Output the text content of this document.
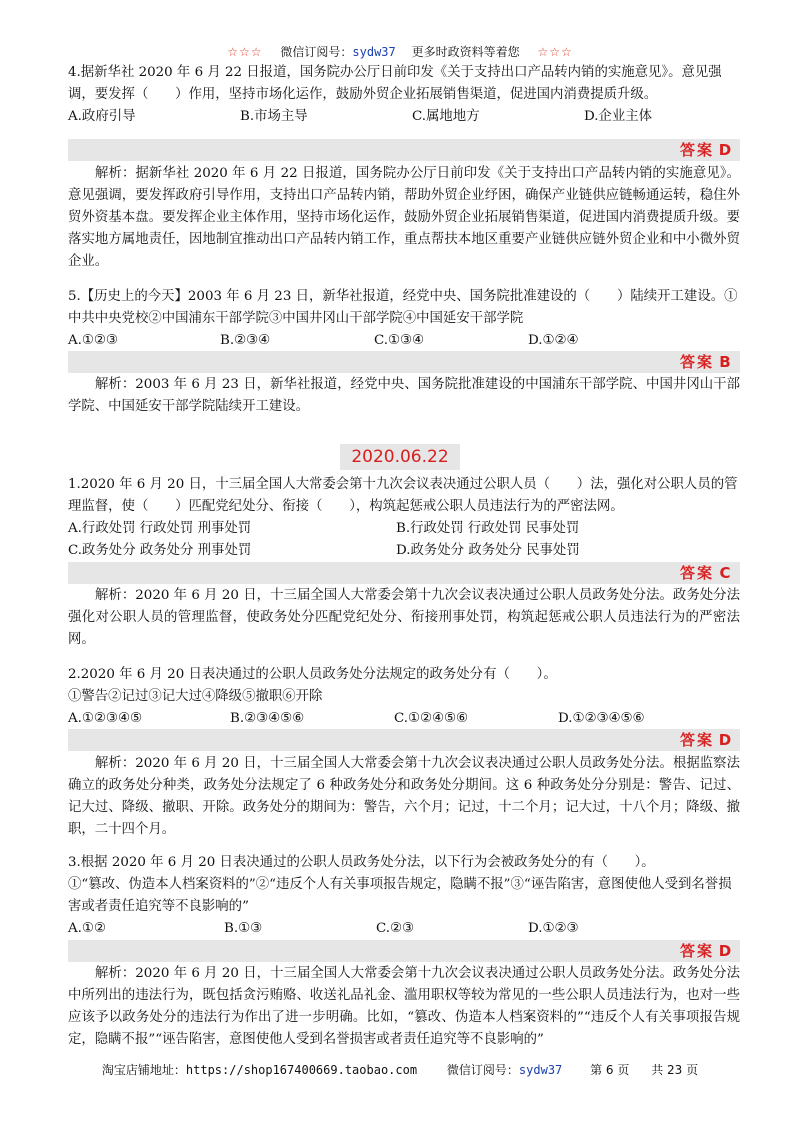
☆☆☆ 微信订阅号：sydw37 更多时政资料等着您 ☆☆☆

4.据新华社 2020 年 6 月 22 日报道，国务院办公厅日前印发《关于支持出口产品转内销的实施意见》。意见强调，要发挥（　　）作用，坚持市场化运作，鼓励外贸企业拓展销售渠道，促进国内消费提质升级。

A.政府引导	B.市场主导	C.属地地方	D.企业主体
答案 D

解析：据新华社 2020 年 6 月 22 日报道，国务院办公厅日前印发《关于支持出口产品转内销的实施意见》。意见强调，要发挥政府引导作用，支持出口产品转内销，帮助外贸企业纾困，确保产业链供应链畅通运转，稳住外贸外资基本盘。要发挥企业主体作用，坚持市场化运作，鼓励外贸企业拓展销售渠道，促进国内消费提质升级。要落实地方属地责任，因地制宜推动出口产品转内销工作，重点帮扶本地区重要产业链供应链外贸企业和中小微外贸企业。

5.【历史上的今天】2003 年 6 月 23 日，新华社报道，经党中央、国务院批准建设的（　　）陆续开工建设。①中共中央党校②中国浦东干部学院③中国井冈山干部学院④中国延安干部学院

A.①②③	B.②③④	C.①③④	D.①②④
答案 B

解析：2003 年 6 月 23 日，新华社报道，经党中央、国务院批准建设的中国浦东干部学院、中国井冈山干部学院、中国延安干部学院陆续开工建设。

2020.06.22

1.2020 年 6 月 20 日，十三届全国人大常委会第十九次会议表决通过公职人员（　　）法，强化对公职人员的管理监督，使（　　）匹配党纪处分、衔接（　　），构筑起惩戒公职人员违法行为的严密法网。

A.行政处罚 行政处罚 刑事处罚	B.行政处罚 行政处罚 民事处罚
C.政务处分 政务处分 刑事处罚	D.政务处分 政务处分 民事处罚
答案 C

解析：2020 年 6 月 20 日，十三届全国人大常委会第十九次会议表决通过公职人员政务处分法。政务处分法强化对公职人员的管理监督，使政务处分匹配党纪处分、衔接刑事处罚，构筑起惩戒公职人员违法行为的严密法网。

2.2020 年 6 月 20 日表决通过的公职人员政务处分法规定的政务处分有（　　）。

①警告②记过③记大过④降级⑤撤职⑥开除

A.①②③④⑤	B.②③④⑤⑥	C.①②④⑤⑥	D.①②③④⑤⑥
答案 D

解析：2020 年 6 月 20 日，十三届全国人大常委会第十九次会议表决通过公职人员政务处分法。根据监察法确立的政务处分种类，政务处分法规定了 6 种政务处分和政务处分期间。这 6 种政务处分分别是：警告、记过、记大过、降级、撤职、开除。政务处分的期间为：警告，六个月；记过，十二个月；记大过，十八个月；降级、撤职，二十四个月。

3.根据 2020 年 6 月 20 日表决通过的公职人员政务处分法，以下行为会被政务处分的有（　　）。

①“篡改、伪造本人档案资料的”②“违反个人有关事项报告规定，隐瞒不报”③“诬告陷害，意图使他人受到名誉损害或者责任追究等不良影响的”

A.①②	B.①③	C.②③	D.①②③
答案 D

解析：2020 年 6 月 20 日，十三届全国人大常委会第十九次会议表决通过公职人员政务处分法。政务处分法中所列出的违法行为，既包括贪污贿赂、收送礼品礼金、滥用职权等较为常见的一些公职人员违法行为，也对一些应该予以政务处分的违法行为作出了进一步明确。比如，“篡改、伪造本人档案资料的”“违反个人有关事项报告规定，隐瞒不报”“诬告陷害，意图使他人受到名誉损害或者责任追究等不良影响的”

淘宝店铺地址：https://shop167400669.taobao.com 微信订阅号：sydw37 第 6 页 共 23 页
